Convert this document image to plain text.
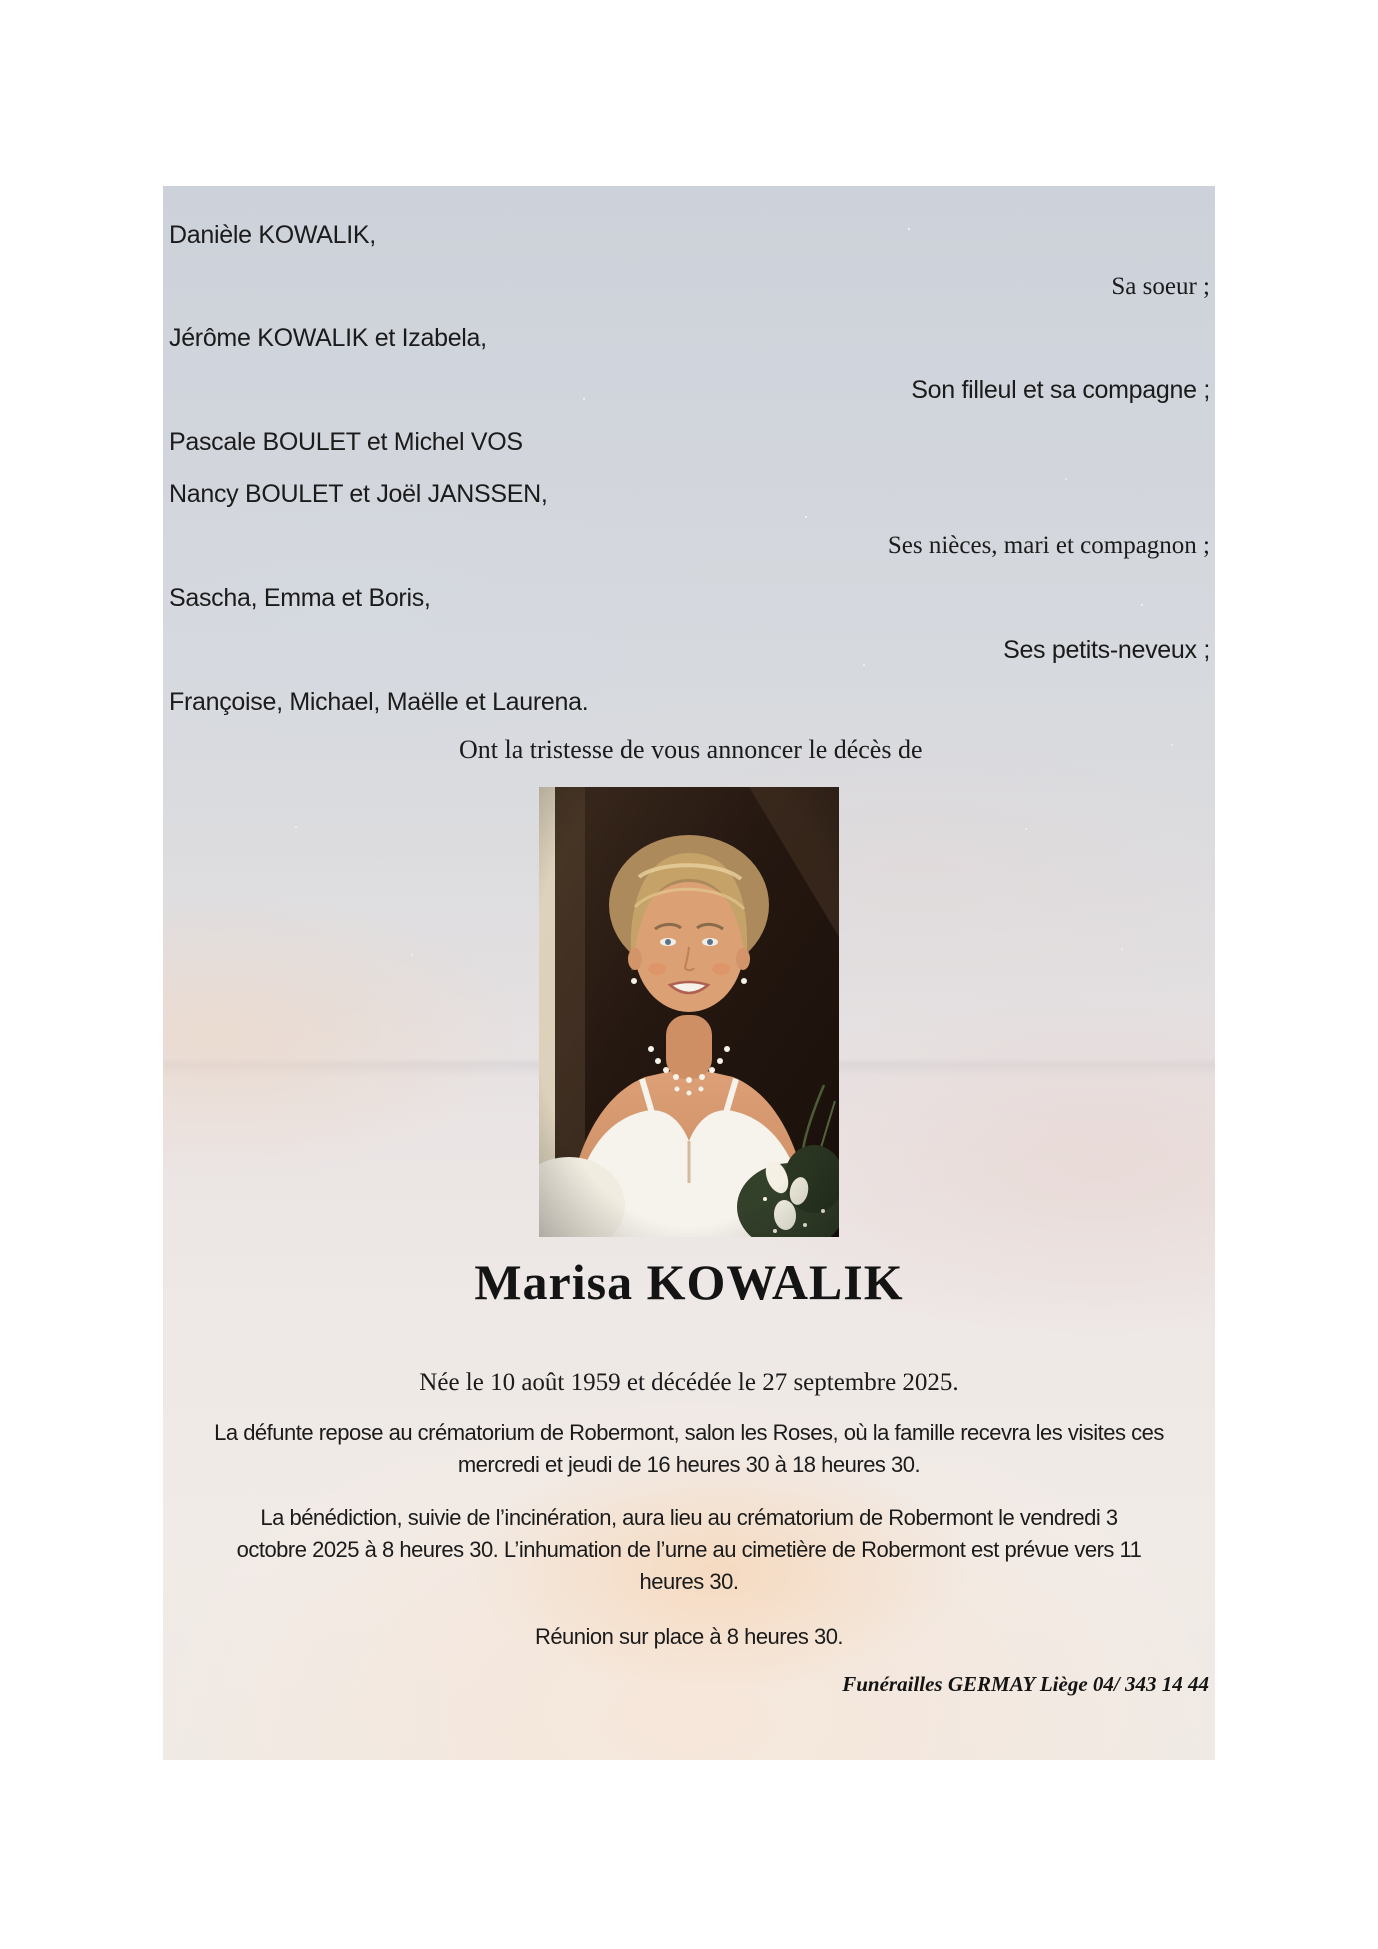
Danièle KOWALIK,
Sa soeur ;
Jérôme KOWALIK et Izabela,
Son filleul et sa compagne ;
Pascale BOULET et Michel VOS
Nancy BOULET et Joël JANSSEN,
Ses nièces, mari et compagnon ;
Sascha, Emma et Boris,
Ses petits-neveux ;
Françoise, Michael, Maëlle et Laurena.
Ont la tristesse de vous annoncer le décès de
Marisa KOWALIK
Née le 10 août 1959 et décédée le 27 septembre 2025.
La défunte repose au crématorium de Robermont, salon les Roses, où la famille recevra les visites ces
mercredi et jeudi de 16 heures 30 à 18 heures 30.
La bénédiction, suivie de l’incinération, aura lieu au crématorium de Robermont le vendredi 3
octobre 2025 à 8 heures 30. L’inhumation de l’urne au cimetière de Robermont est prévue vers 11
heures 30.
Réunion sur place à 8 heures 30.
Funérailles GERMAY Liège 04/ 343 14 44
